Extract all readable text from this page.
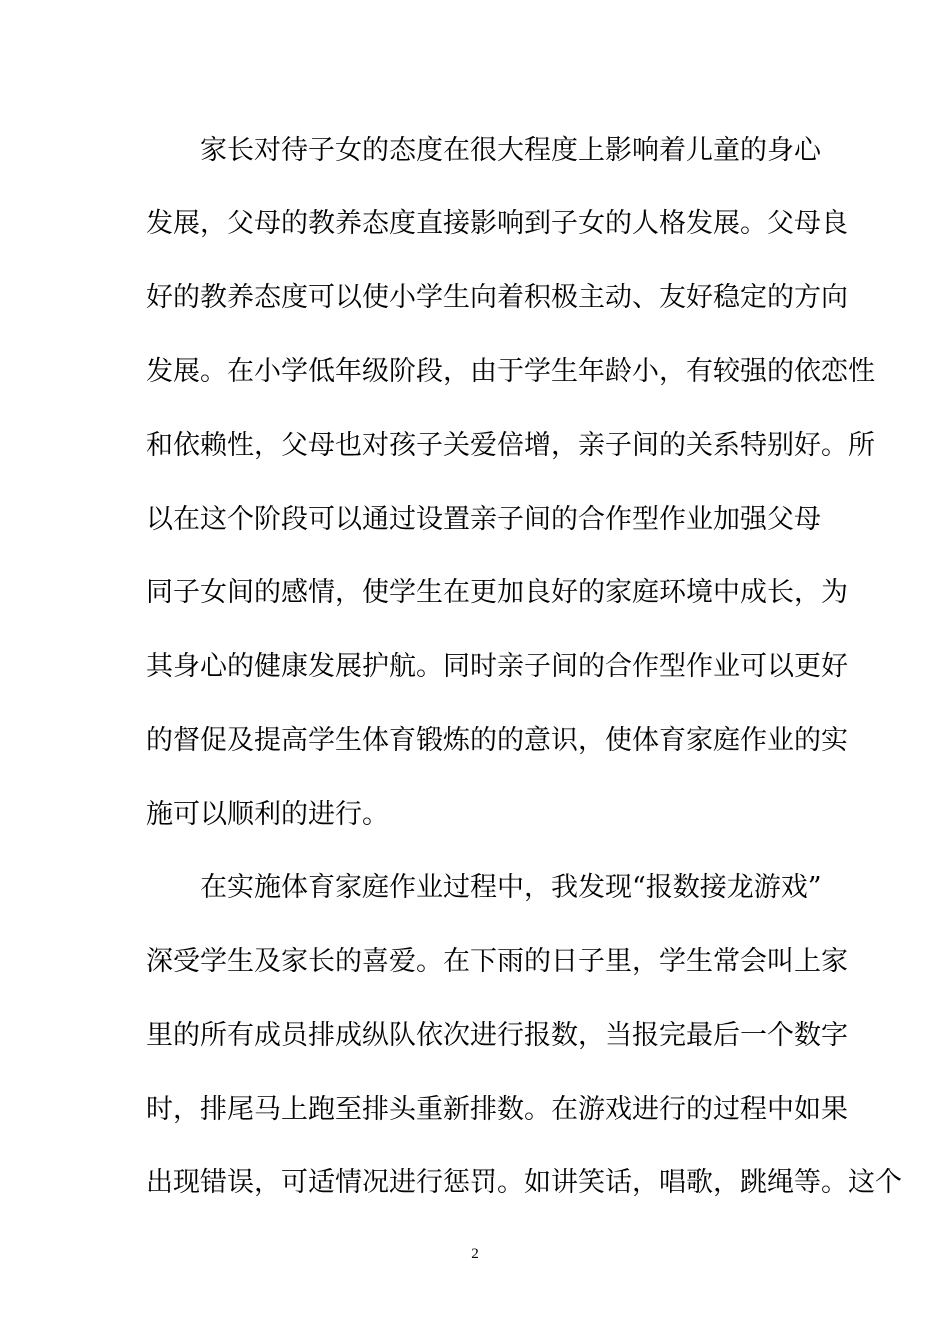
家长对待子女的态度在很大程度上影响着儿童的身心
发展，父母的教养态度直接影响到子女的人格发展。父母良
好的教养态度可以使小学生向着积极主动、友好稳定的方向
发展。在小学低年级阶段，由于学生年龄小，有较强的依恋性
和依赖性，父母也对孩子关爱倍增，亲子间的关系特别好。所
以在这个阶段可以通过设置亲子间的合作型作业加强父母
同子女间的感情，使学生在更加良好的家庭环境中成长，为
其身心的健康发展护航。同时亲子间的合作型作业可以更好
的督促及提高学生体育锻炼的的意识，使体育家庭作业的实
施可以顺利的进行。
在实施体育家庭作业过程中，我发现“报数接龙游戏”
深受学生及家长的喜爱。在下雨的日子里，学生常会叫上家
里的所有成员排成纵队依次进行报数，当报完最后一个数字
时，排尾马上跑至排头重新排数。在游戏进行的过程中如果
出现错误，可适情况进行惩罚。如讲笑话，唱歌，跳绳等。这个
2
